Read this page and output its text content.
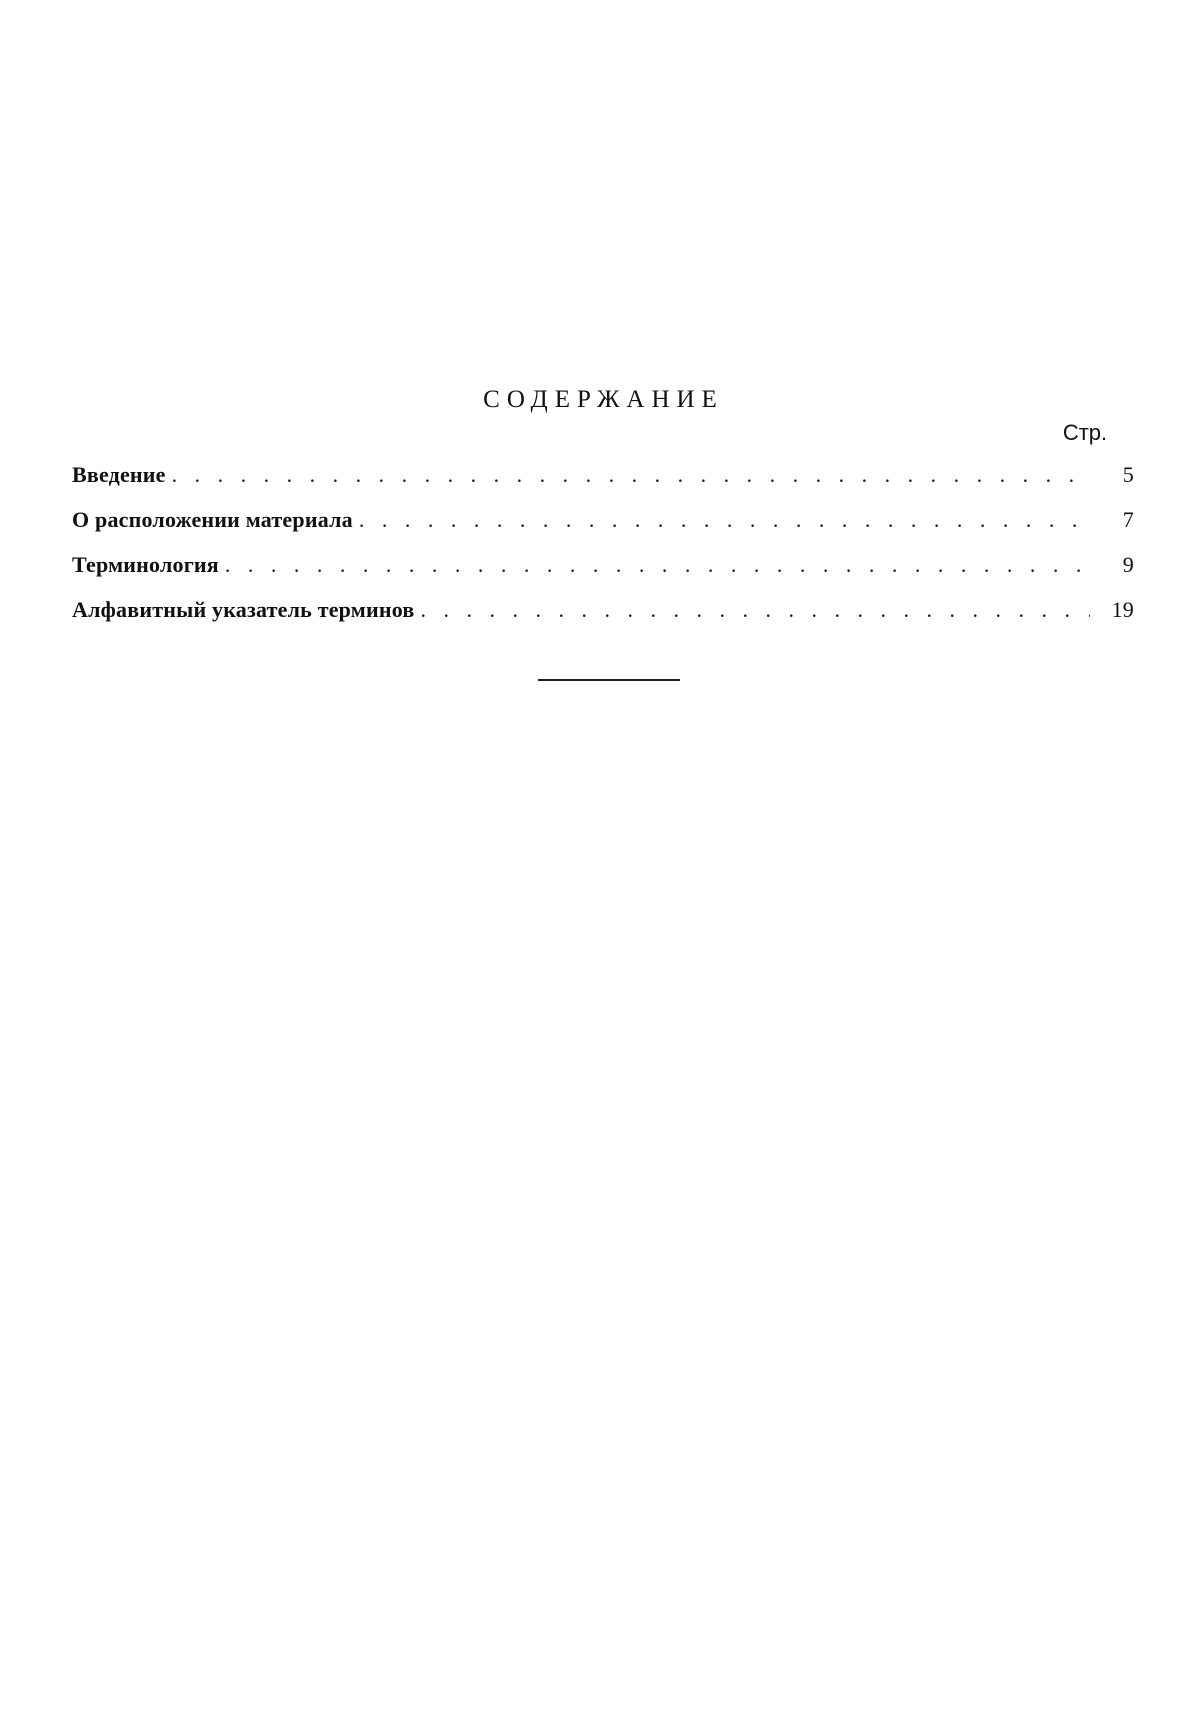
СОДЕРЖАНИЕ
Стр.
Введение . . .	5
О расположении материала . . .	7
Терминология . . .	9
Алфавитный указатель терминов . . .	19
